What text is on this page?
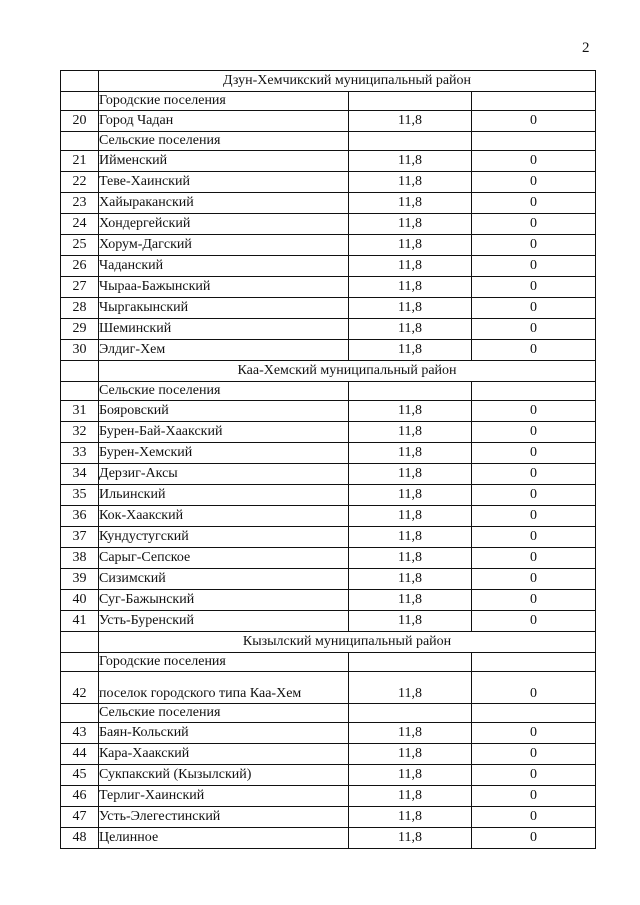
2
	Дзун-Хемчикский муниципальный район		
	Городские поселения		
20	Город Чадан	11,8	0
	Сельские поселения		
21	Ийменский	11,8	0
22	Теве-Хаинский	11,8	0
23	Хайыраканский	11,8	0
24	Хондергейский	11,8	0
25	Хорум-Дагский	11,8	0
26	Чаданский	11,8	0
27	Чыраа-Бажынский	11,8	0
28	Чыргакынский	11,8	0
29	Шеминский	11,8	0
30	Элдиг-Хем	11,8	0
	Каа-Хемский муниципальный район		
	Сельские поселения		
31	Бояровский	11,8	0
32	Бурен-Бай-Хаакский	11,8	0
33	Бурен-Хемский	11,8	0
34	Дерзиг-Аксы	11,8	0
35	Ильинский	11,8	0
36	Кок-Хаакский	11,8	0
37	Кундустугский	11,8	0
38	Сарыг-Сепское	11,8	0
39	Сизимский	11,8	0
40	Суг-Бажынский	11,8	0
41	Усть-Буренский	11,8	0
	Кызылский муниципальный район		
	Городские поселения		
42	поселок городского типа Каа-Хем	11,8	0
	Сельские поселения		
43	Баян-Кольский	11,8	0
44	Кара-Хаакский	11,8	0
45	Сукпакский (Кызылский)	11,8	0
46	Терлиг-Хаинский	11,8	0
47	Усть-Элегестинский	11,8	0
48	Целинное	11,8	0
